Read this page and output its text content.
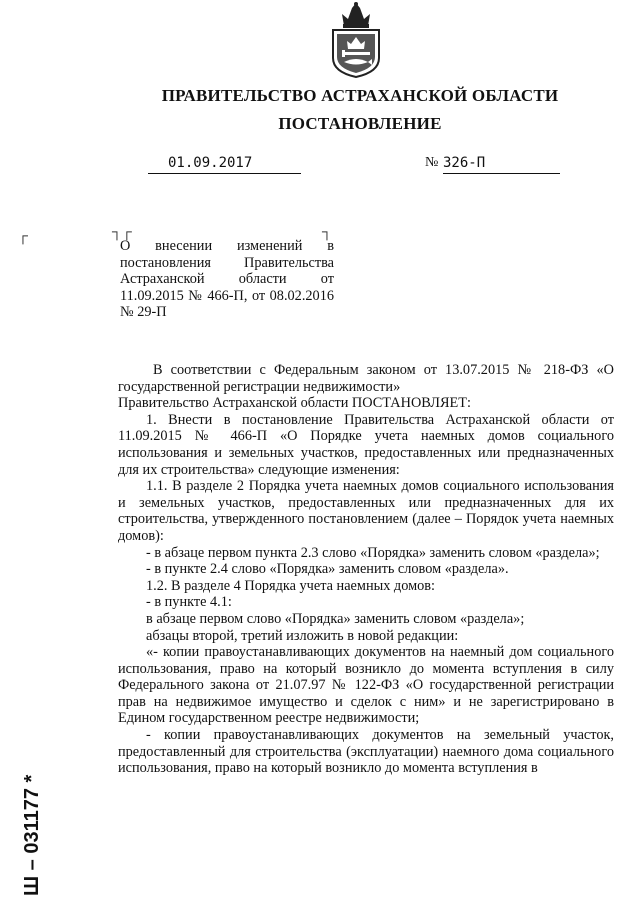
ПРАВИТЕЛЬСТВО АСТРАХАНСКОЙ ОБЛАСТИ
ПОСТАНОВЛЕНИЕ
01.09.2017	№ 326-П
┌	┐┌	┐
О внесении изменений в постановления Правительства Астраханской области от 11.09.2015 № 466-П, от 08.02.2016 № 29-П

В соответствии с Федеральным законом от 13.07.2015 № 218-ФЗ «О государственной регистрации недвижимости»

Правительство Астраханской области ПОСТАНОВЛЯЕТ:

1. Внести в постановление Правительства Астраханской области от 11.09.2015 № 466-П «О Порядке учета наемных домов социального использования и земельных участков, предоставленных или предназначенных для их строительства» следующие изменения:

1.1. В разделе 2 Порядка учета наемных домов социального использования и земельных участков, предоставленных или предназначенных для их строительства, утвержденного постановлением (далее – Порядок учета наемных домов):

- в абзаце первом пункта 2.3 слово «Порядка» заменить словом «раздела»;

- в пункте 2.4 слово «Порядка» заменить словом «раздела».

1.2. В разделе 4 Порядка учета наемных домов:

- в пункте 4.1:

в абзаце первом слово «Порядка» заменить словом «раздела»;

абзацы второй, третий изложить в новой редакции:

«- копии правоустанавливающих документов на наемный дом социального использования, право на который возникло до момента вступления в силу Федерального закона от 21.07.97 № 122-ФЗ «О государственной регистрации прав на недвижимое имущество и сделок с ним» и не зарегистрировано в Едином государственном реестре недвижимости;

- копии правоустанавливающих документов на земельный участок, предоставленный для строительства (эксплуатации) наемного дома социального использования, право на который возникло до момента вступления в

Ш – 031177 *
